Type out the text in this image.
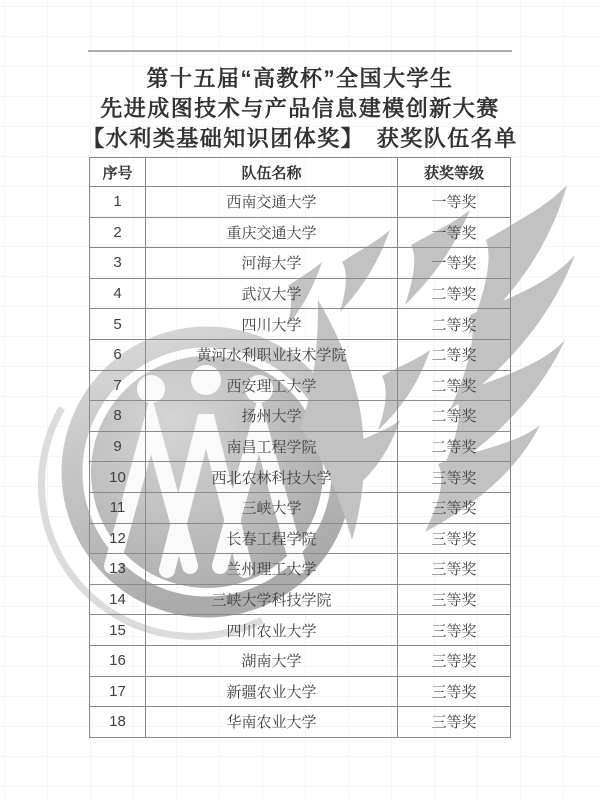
第十五届“高教杯”全国大学生
先进成图技术与产品信息建模创新大赛
【水利类基础知识团体奖】　获奖队伍名单
序号	队伍名称	获奖等级
1	西南交通大学	一等奖
2	重庆交通大学	一等奖
3	河海大学	一等奖
4	武汉大学	二等奖
5	四川大学	二等奖
6	黄河水利职业技术学院	二等奖
7	西安理工大学	二等奖
8	扬州大学	二等奖
9	南昌工程学院	二等奖
10	西北农林科技大学	三等奖
11	三峡大学	三等奖
12	长春工程学院	三等奖
13	兰州理工大学	三等奖
14	三峡大学科技学院	三等奖
15	四川农业大学	三等奖
16	湖南大学	三等奖
17	新疆农业大学	三等奖
18	华南农业大学	三等奖
